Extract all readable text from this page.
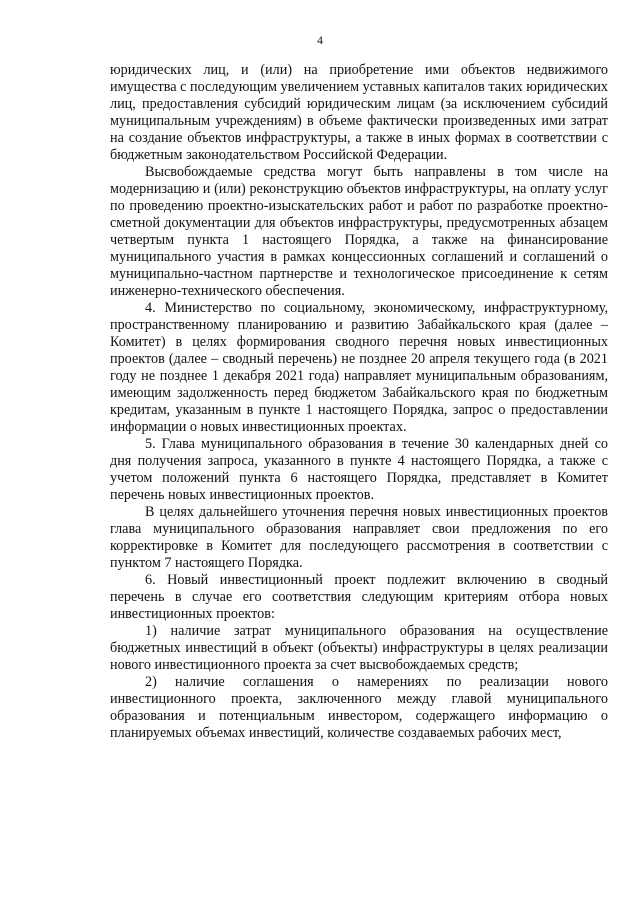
4

юридических лиц, и (или) на приобретение ими объектов недвижимого имущества с последующим увеличением уставных капиталов таких юридических лиц, предоставления субсидий юридическим лицам (за исключением субсидий муниципальным учреждениям) в объеме фактически произведенных ими затрат на создание объектов инфраструктуры, а также в иных формах в соответствии с бюджетным законодательством Российской Федерации.

Высвобождаемые средства могут быть направлены в том числе на модернизацию и (или) реконструкцию объектов инфраструктуры, на оплату услуг по проведению проектно-изыскательских работ и работ по разработке проектно-сметной документации для объектов инфраструктуры, предусмотренных абзацем четвертым пункта 1 настоящего Порядка, а также на финансирование муниципального участия в рамках концессионных соглашений и соглашений о муниципально-частном партнерстве и технологическое присоединение к сетям инженерно-технического обеспечения.

4. Министерство по социальному, экономическому, инфраструктурному, пространственному планированию и развитию Забайкальского края (далее – Комитет) в целях формирования сводного перечня новых инвестиционных проектов (далее – сводный перечень) не позднее 20 апреля текущего года (в 2021 году не позднее 1 декабря 2021 года) направляет муниципальным образованиям, имеющим задолженность перед бюджетом Забайкальского края по бюджетным кредитам, указанным в пункте 1 настоящего Порядка, запрос о предоставлении информации о новых инвестиционных проектах.

5. Глава муниципального образования в течение 30 календарных дней со дня получения запроса, указанного в пункте 4 настоящего Порядка, а также с учетом положений пункта 6 настоящего Порядка, представляет в Комитет перечень новых инвестиционных проектов.

В целях дальнейшего уточнения перечня новых инвестиционных проектов глава муниципального образования направляет свои предложения по его корректировке в Комитет для последующего рассмотрения в соответствии с пунктом 7 настоящего Порядка.

6. Новый инвестиционный проект подлежит включению в сводный перечень в случае его соответствия следующим критериям отбора новых инвестиционных проектов:

1) наличие затрат муниципального образования на осуществление бюджетных инвестиций в объект (объекты) инфраструктуры в целях реализации нового инвестиционного проекта за счет высвобождаемых средств;

2) наличие соглашения о намерениях по реализации нового инвестиционного проекта, заключенного между главой муниципального образования и потенциальным инвестором, содержащего информацию о планируемых объемах инвестиций, количестве создаваемых рабочих мест,
